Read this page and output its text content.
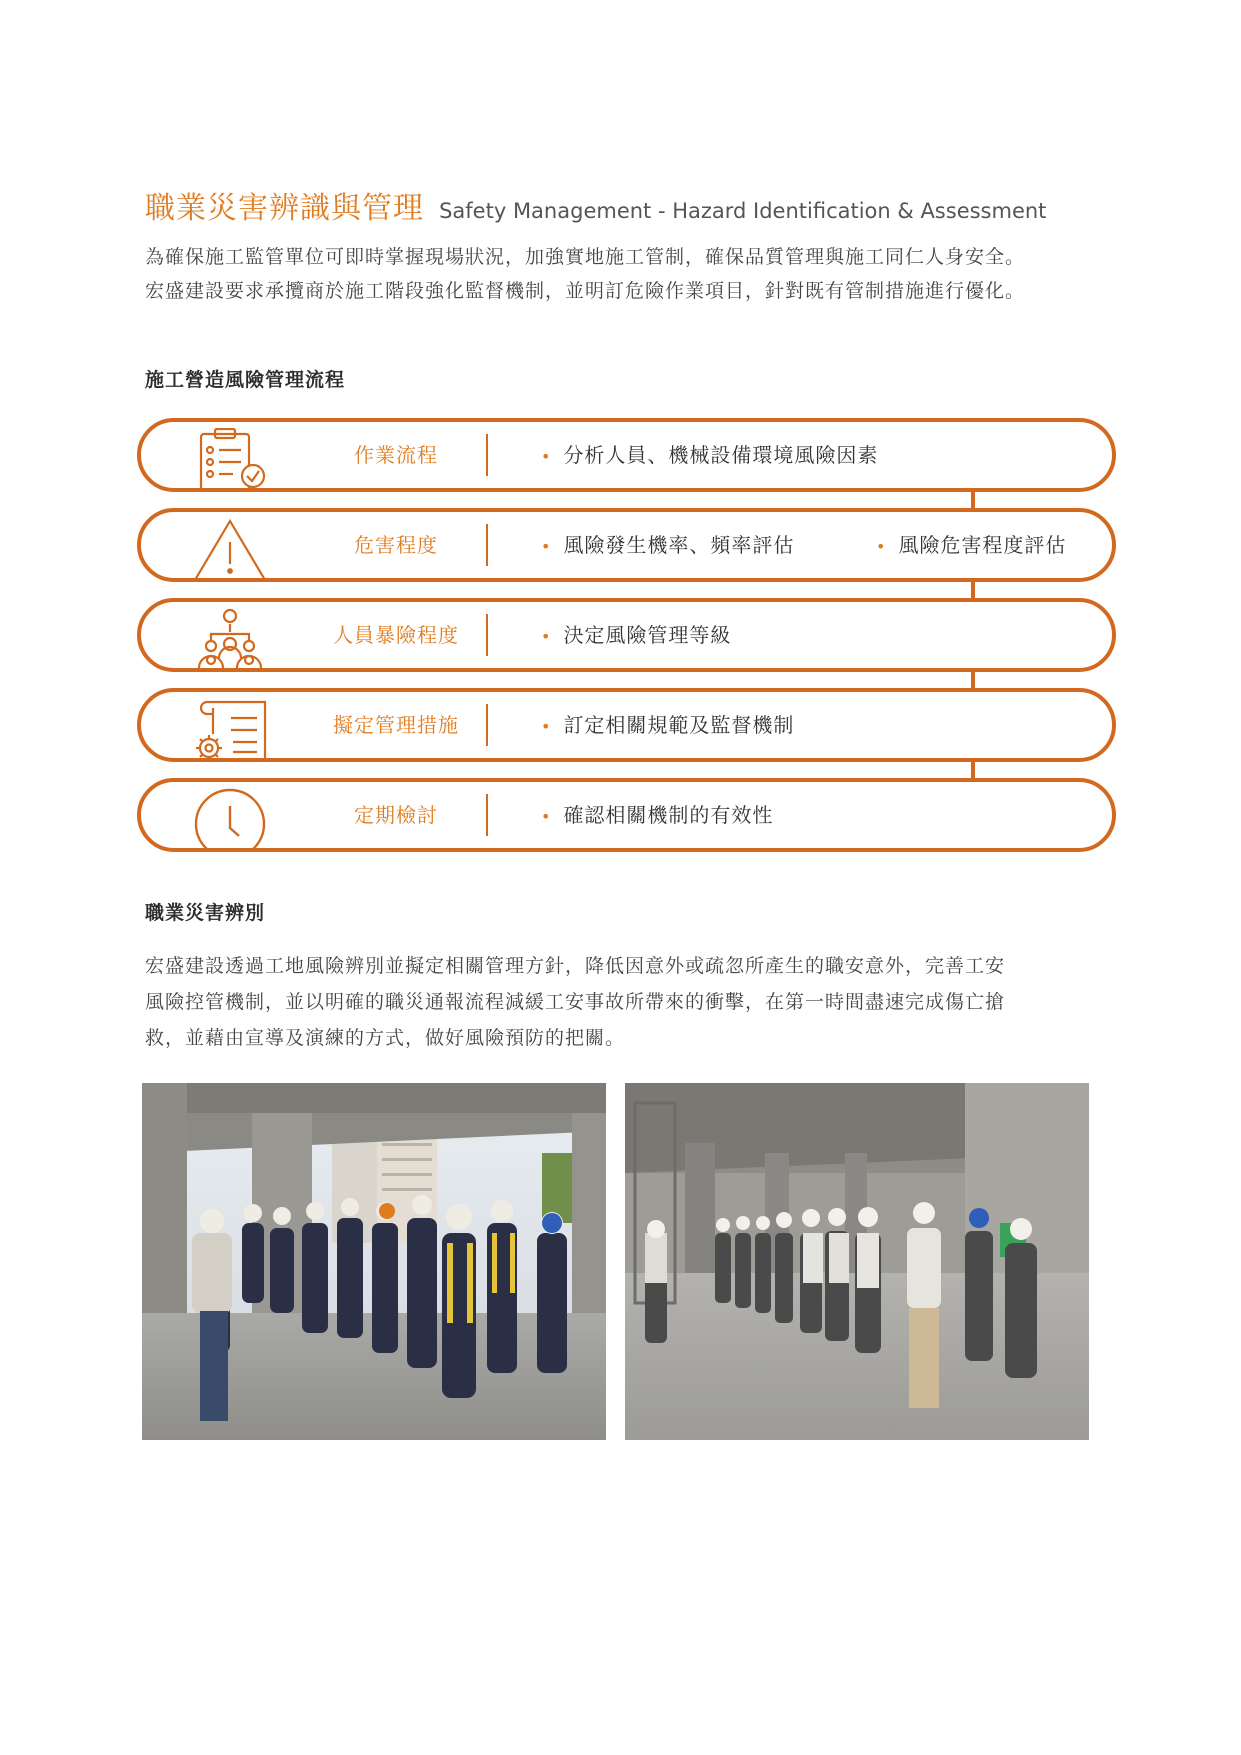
職業災害辨識與管理 Safety Management - Hazard Identification & Assessment
為確保施工監管單位可即時掌握現場狀況，加強實地施工管制，確保品質管理與施工同仁人身安全。
宏盛建設要求承攬商於施工階段強化監督機制，並明訂危險作業項目，針對既有管制措施進行優化。
施工營造風險管理流程
作業流程	• 分析人員、機械設備環境風險因素
危害程度	• 風險發生機率、頻率評估	• 風險危害程度評估
人員暴險程度	• 決定風險管理等級
擬定管理措施	• 訂定相關規範及監督機制
定期檢討	• 確認相關機制的有效性
職業災害辨別
宏盛建設透過工地風險辨別並擬定相關管理方針，降低因意外或疏忽所產生的職安意外，完善工安
風險控管機制，並以明確的職災通報流程減緩工安事故所帶來的衝擊，在第一時間盡速完成傷亡搶
救，並藉由宣導及演練的方式，做好風險預防的把關。
